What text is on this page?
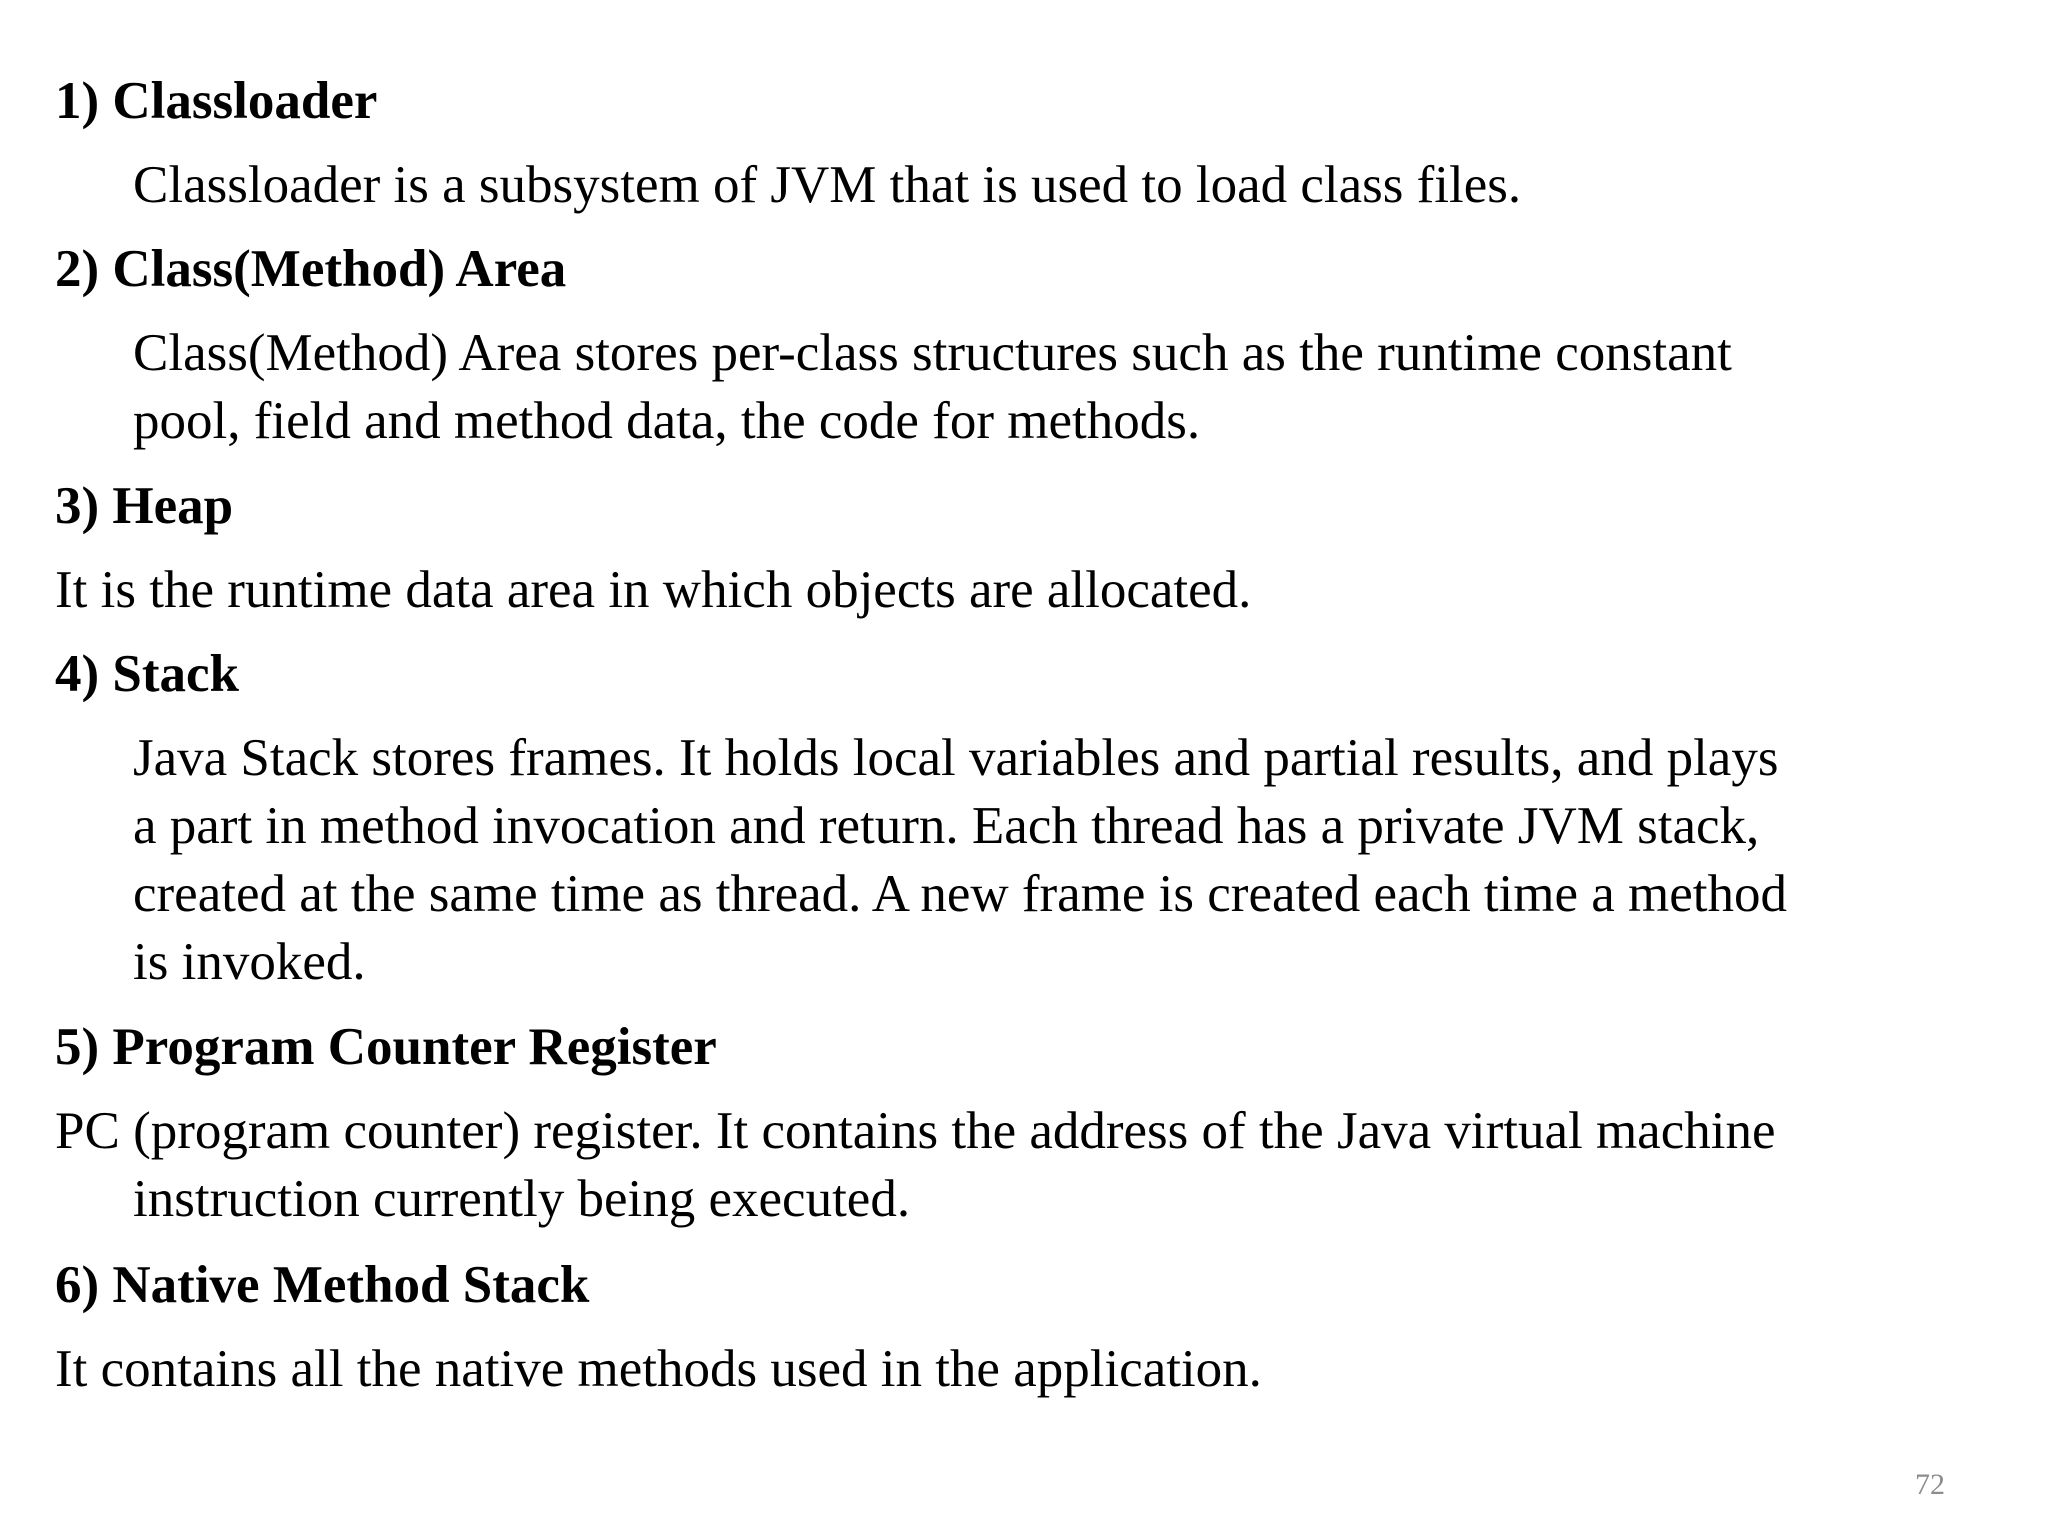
1) Classloader
Classloader is a subsystem of JVM that is used to load class files.
2) Class(Method) Area
Class(Method) Area stores per-class structures such as the runtime constant
pool, field and method data, the code for methods.
3) Heap
It is the runtime data area in which objects are allocated.
4) Stack
Java Stack stores frames. It holds local variables and partial results, and plays
a part in method invocation and return. Each thread has a private JVM stack,
created at the same time as thread. A new frame is created each time a method
is invoked.
5) Program Counter Register
PC (program counter) register. It contains the address of the Java virtual machine
instruction currently being executed.
6) Native Method Stack
It contains all the native methods used in the application.
72
